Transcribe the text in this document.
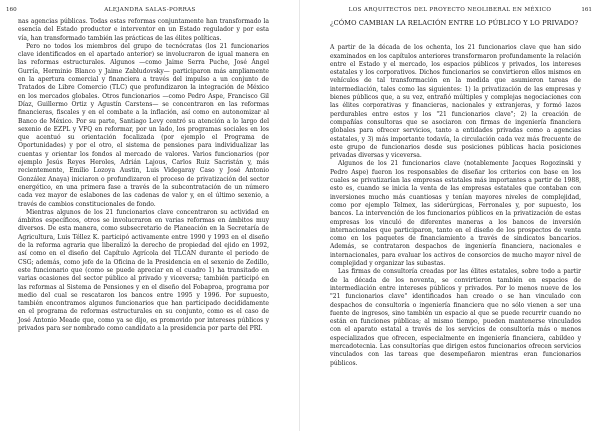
160	ALEJANDRA SALAS-PORRAS

nas agencias públicas. Todas estas reformas conjuntamente han transformado la esencia del Estado productor e interventor en un Estado regulador y por esta vía, han transformado también las prácticas de las élites políticas.

Pero no todos los miembros del grupo de tecnócratas (los 21 funcionarios clave identificados en el apartado anterior) se involucraron de igual manera en las reformas estructurales. Algunos —como Jaime Serra Puche, José Ángel Gurría, Herminio Blanco y Jaime Zabludovsky— participaron más ampliamente en la apertura comercial y financiera a través del impulso a un conjunto de Tratados de Libre Comercio (TLC) que profundizaron la integración de México en los mercados globales. Otros funcionarios —como Pedro Aspe, Francisco Gil Díaz, Guillermo Ortiz y Agustín Carstens— se concentraron en las reformas financieras, fiscales y en el combate a la inflación, así como en autonomizar al Banco de México. Por su parte, Santiago Levy centró su atención a lo largo del sexenio de EZPL y VFQ en reformar, por un lado, los programas sociales en los que acentuó su orientación focalizada (por ejemplo el Programa de Oportunidades) y por el otro, el sistema de pensiones para individualizar las cuentas y orientar los fondos al mercado de valores. Varios funcionarios (por ejemplo Jesús Reyes Heroles, Adrián Lajous, Carlos Ruiz Sacristán y, más recientemente, Emilio Lozoya Austin, Luis Videgaray Caso y José Antonio González Anaya) iniciaron o profundizaron el proceso de privatización del sector energético, en una primera fase a través de la subcontratación de un número cada vez mayor de eslabones de las cadenas de valor y, en el último sexenio, a través de cambios constitucionales de fondo.

Mientras algunos de los 21 funcionarios clave concentraron su actividad en ámbitos específicos, otros se involucraron en varias reformas en ámbitos muy diversos. De esta manera, como subsecretario de Planeación en la Secretaría de Agricultura, Luis Téllez K. participó activamente entre 1990 y 1993 en el diseño de la reforma agraria que liberalizó la derecho de propiedad del ejido en 1992, así como en el diseño del Capítulo Agrícola del TLCAN durante el periodo de CSG; además, como jefe de la Oficina de la Presidencia en el sexenio de Zedillo, este funcionario que (como se puede apreciar en el cuadro 1) ha transitado en varias ocasiones del sector público al privado y viceversa; también participó en las reformas al Sistema de Pensiones y en el diseño del Fobaproa, programa por medio del cual se rescataron los bancos entre 1995 y 1996. Por supuesto, también encontramos algunos funcionarios que han participado decididamente en el programa de reformas estructurales en su conjunto, como es el caso de José Antonio Meade que, como ya se dijo, es promovido por intereses públicos y privados para ser nombrado como candidato a la presidencia por parte del PRI.

LOS ARQUITECTOS DEL PROYECTO NEOLIBERAL EN MÉXICO	161
¿CÓMO CAMBIAN LA RELACIÓN ENTRE LO PÚBLICO Y LO PRIVADO?

A partir de la década de los ochenta, los 21 funcionarios clave que han sido examinados en los capítulos anteriores transformaron profundamente la relación entre el Estado y el mercado, los espacios públicos y privados, los intereses estatales y los corporativos. Dichos funcionarios se convirtieron ellos mismos en vehículos de tal transformación en la medida que asumieron tareas de intermediación, tales como las siguientes: 1) la privatización de las empresas y bienes públicos que, a su vez, entrañó múltiples y complejas negociaciones con las élites corporativas y financieras, nacionales y extranjeras, y formó lazos perdurables entre estos y los "21 funcionarios clave"; 2) la creación de compañías consultoras que se asociaron con firmas de ingeniería financiera globales para ofrecer servicios, tanto a entidades privadas como a agencias estatales, y 3) más importante todavía, la circulación cada vez más frecuente de este grupo de funcionarios desde sus posiciones públicas hacia posiciones privadas diversas y viceversa.

Algunos de los 21 funcionarios clave (notablemente Jacques Rogozinski y Pedro Aspe) fueron los responsables de diseñar los criterios con base en los cuales se privatizarían las empresas estatales más importantes a partir de 1988, esto es, cuando se inicia la venta de las empresas estatales que contaban con inversiones mucho más cuantiosas y tenían mayores niveles de complejidad, como por ejemplo Telmex, las siderúrgicas, Ferronales y, por supuesto, los bancos. La intervención de los funcionarios públicos en la privatización de estas empresas los vinculó de diferentes maneras a los bancos de inversión internacionales que participaron, tanto en el diseño de los prospectos de venta como en los paquetes de financiamiento a través de sindicatos bancarios. Además, se contrataron despachos de ingeniería financiera, nacionales e internacionales, para evaluar los activos de consorcios de mucho mayor nivel de complejidad y organizar las subastas.

Las firmas de consultoría creadas por las élites estatales, sobre todo a partir de la década de los noventa, se convirtieron también en espacios de intermediación entre intereses públicos y privados. Por lo menos nueve de los "21 funcionarios clave" identificados han creado o se han vinculado con despachos de consultoría o ingeniería financiera que no sólo vienen a ser una fuente de ingresos, sino también un espacio al que se puede recurrir cuando no están en funciones públicas; al mismo tiempo, pueden mantenerse vinculados con el aparato estatal a través de los servicios de consultoría más o menos especializados que ofrecen, especialmente en ingeniería financiera, cabildeo y mercadotecnia. Las consultorías que dirigen estos funcionarios ofrecen servicios vinculados con las tareas que desempeñaron mientras eran funcionarios públicos.
